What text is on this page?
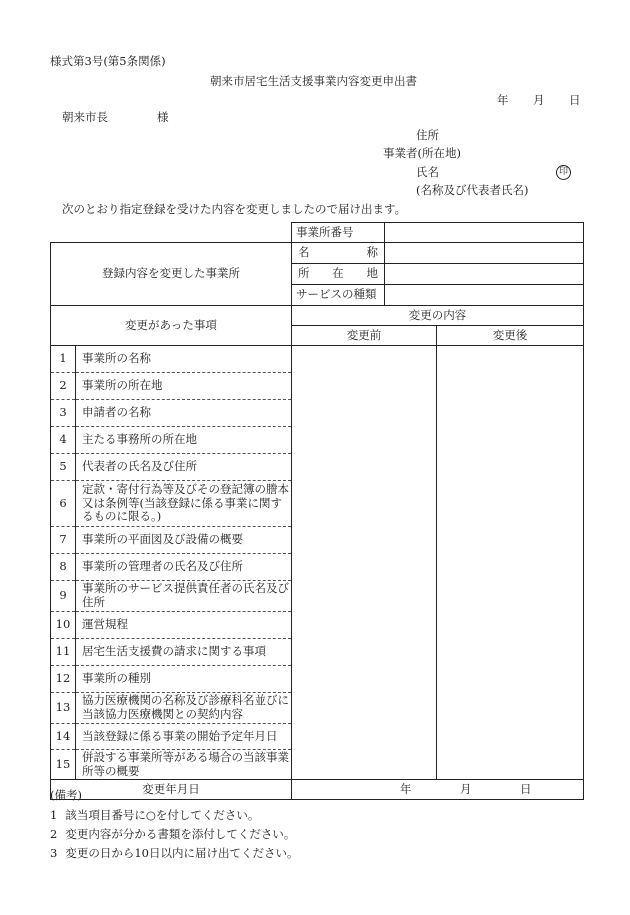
様式第3号(第5条関係)
朝来市居宅生活支援事業内容変更申出書
年 月 日
朝来市長	様
住所
事業者(所在地)
氏名	印
(名称及び代表者氏名)
次のとおり指定登録を受けた内容を変更しましたので届け出ます。
		事業所番号		

登録内容を変更した事業所		名 称		

		所 在 地		

		サービスの種類		
変更があった事項		変更の内容		
		変更前		変更後
1	事業所の名称			
2	事業所の所在地			
3	申請者の名称			
4	主たる事務所の所在地			
5	代表者の氏名及び住所			
6	定款・寄付行為等及びその登記簿の謄本又は条例等(当該登録に係る事業に関するものに限る。)			
7	事業所の平面図及び設備の概要			
8	事業所の管理者の氏名及び住所			
9	事業所のサービス提供責任者の氏名及び住所			
10	運営規程			
11	居宅生活支援費の請求に関する事項			
12	事業所の種別			
13	協力医療機関の名称及び診療科名並びに当該協力医療機関との契約内容			
14	当該登録に係る事業の開始予定年月日			
15	併設する事業所等がある場合の当該事業所等の概要			
変更年月日		年 月 日		
(備考)
1 該当項目番号に○を付してください。
2 変更内容が分かる書類を添付してください。
3 変更の日から10日以内に届け出てください。
